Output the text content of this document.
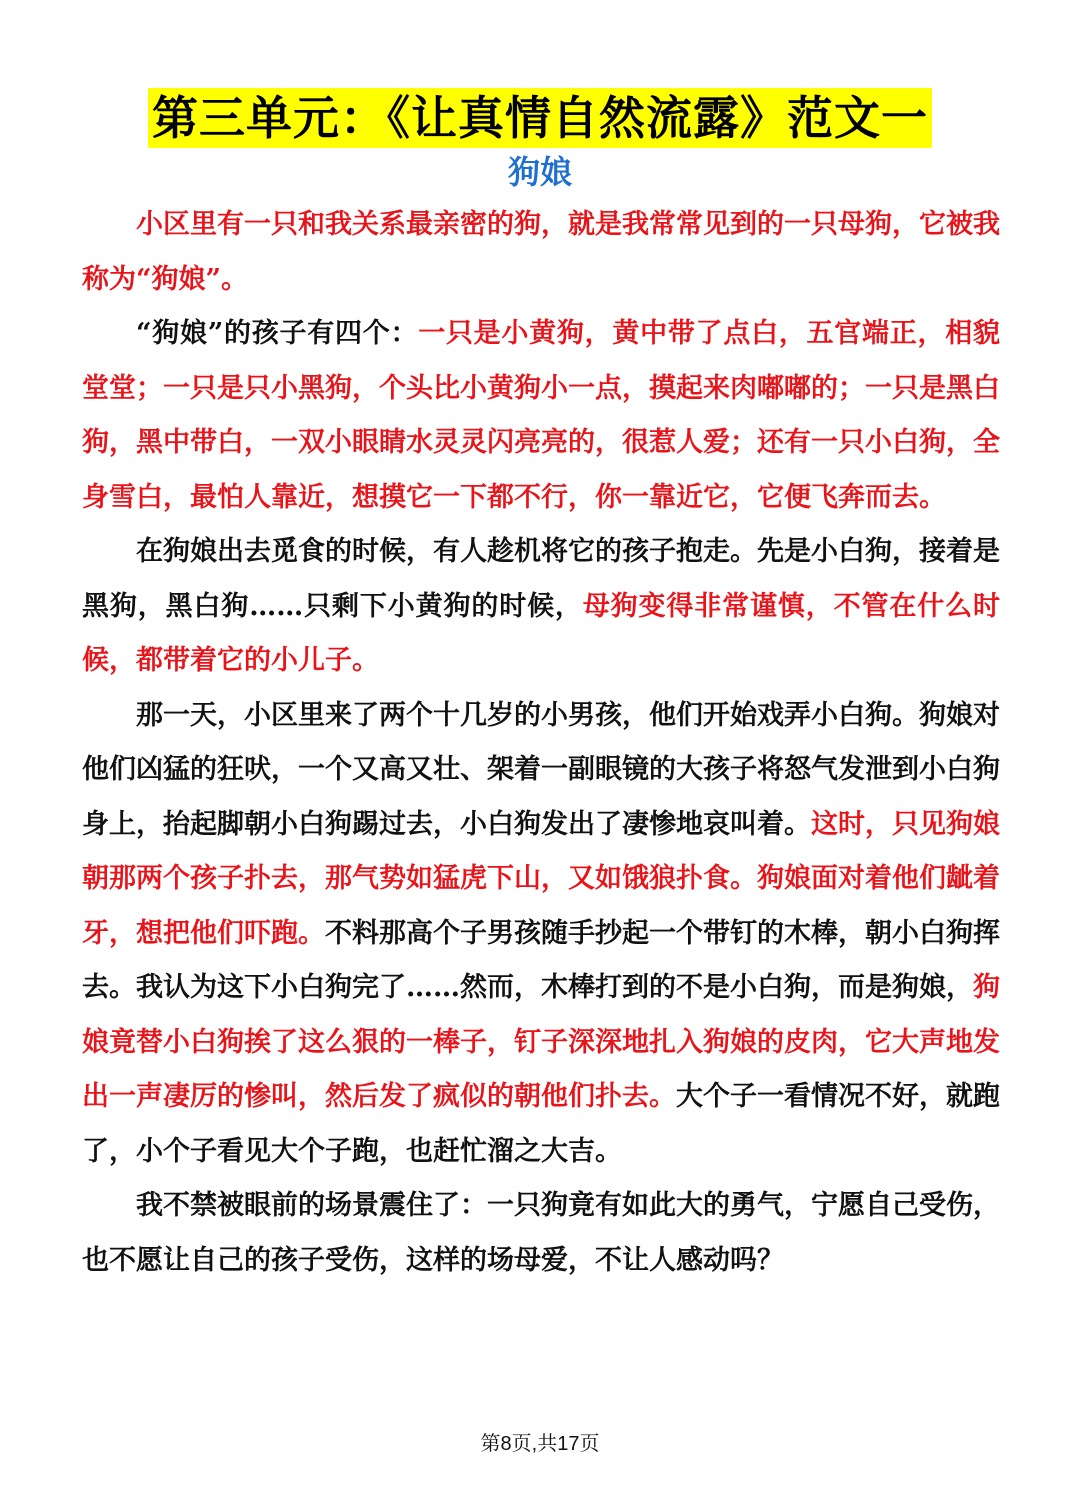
第三单元：《让真情自然流露》范文一
狗娘

小区里有一只和我关系最亲密的狗，就是我常常见到的一只母狗，它被我称为“狗娘”。

“狗娘”的孩子有四个：一只是小黄狗，黄中带了点白，五官端正，相貌堂堂；一只是只小黑狗，个头比小黄狗小一点，摸起来肉嘟嘟的；一只是黑白狗，黑中带白，一双小眼睛水灵灵闪亮亮的，很惹人爱；还有一只小白狗，全身雪白，最怕人靠近，想摸它一下都不行，你一靠近它，它便飞奔而去。

在狗娘出去觅食的时候，有人趁机将它的孩子抱走。先是小白狗，接着是黑狗，黑白狗……只剩下小黄狗的时候，母狗变得非常谨慎，不管在什么时候，都带着它的小儿子。

那一天，小区里来了两个十几岁的小男孩，他们开始戏弄小白狗。狗娘对他们凶猛的狂吠，一个又高又壮、架着一副眼镜的大孩子将怒气发泄到小白狗身上，抬起脚朝小白狗踢过去，小白狗发出了凄惨地哀叫着。这时，只见狗娘朝那两个孩子扑去，那气势如猛虎下山，又如饿狼扑食。狗娘面对着他们龇着牙，想把他们吓跑。不料那高个子男孩随手抄起一个带钉的木棒，朝小白狗挥去。我认为这下小白狗完了……然而，木棒打到的不是小白狗，而是狗娘，狗娘竟替小白狗挨了这么狠的一棒子，钉子深深地扎入狗娘的皮肉，它大声地发出一声凄厉的惨叫，然后发了疯似的朝他们扑去。大个子一看情况不好，就跑了，小个子看见大个子跑，也赶忙溜之大吉。

我不禁被眼前的场景震住了：一只狗竟有如此大的勇气，宁愿自己受伤，也不愿让自己的孩子受伤，这样的场母爱，不让人感动吗？

第8页,共17页
